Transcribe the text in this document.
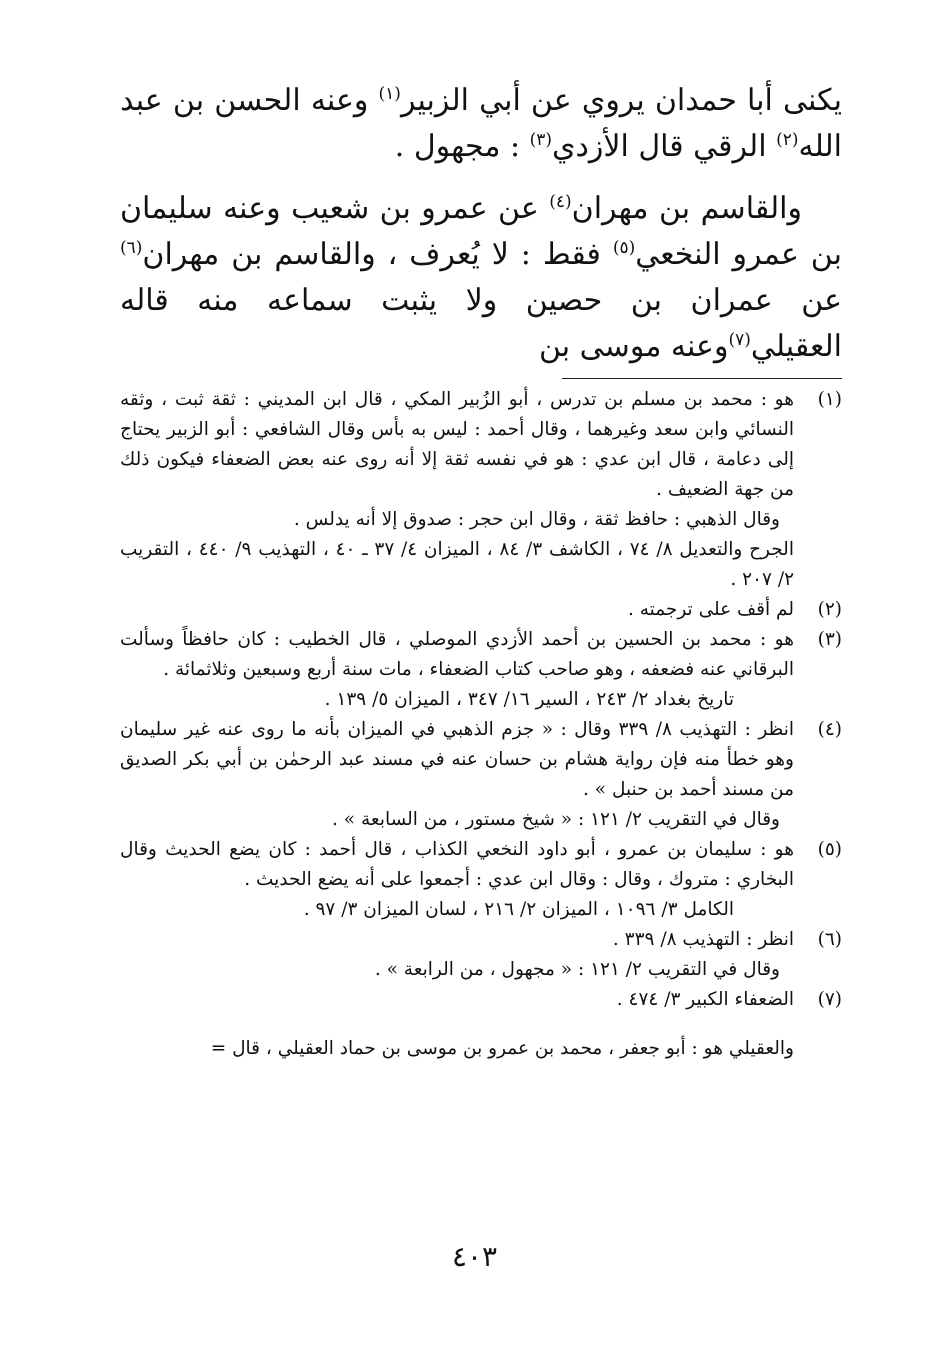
يكنى أبا حمدان يروي عن أبي الزبير$^{(١)}$ وعنه الحسن بن عبد الله$^{(٢)}$ الرقي قال الأزدي$^{(٣)}$ : مجهول .

والقاسم بن مهران$^{(٤)}$ عن عمرو بن شعيب وعنه سليمان بن عمرو النخعي$^{(٥)}$ فقط : لا يُعرف ، والقاسم بن مهران$^{(٦)}$ عن عمران بن حصين ولا يثبت سماعه منه قاله العقيلي$^{(٧)}$وعنه موسى بن

(١)

هو : محمد بن مسلم بن تدرس ، أبو الزُبير المكي ، قال ابن المديني : ثقة ثبت ، وثقه النسائي وابن سعد وغيرهما ، وقال أحمد : ليس به بأس وقال الشافعي : أبو الزبير يحتاج إلى دعامة ، قال ابن عدي : هو في نفسه ثقة إلا أنه روى عنه بعض الضعفاء فيكون ذلك من جهة الضعيف .

وقال الذهبي : حافظ ثقة ، وقال ابن حجر : صدوق إلا أنه يدلس .

الجرح والتعديل ٨/ ٧٤ ، الكاشف ٣/ ٨٤ ، الميزان ٤/ ٣٧ ـ ٤٠ ، التهذيب ٩/ ٤٤٠ ، التقريب ٢/ ٢٠٧ .

(٢)

لم أقف على ترجمته .

(٣)

هو : محمد بن الحسين بن أحمد الأزدي الموصلي ، قال الخطيب : كان حافظاً وسألت البرقاني عنه فضعفه ، وهو صاحب كتاب الضعفاء ، مات سنة أربع وسبعين وثلاثمائة .

تاريخ بغداد ٢/ ٢٤٣ ، السير ١٦/ ٣٤٧ ، الميزان ٥/ ١٣٩ .

(٤)

انظر : التهذيب ٨/ ٣٣٩ وقال : « جزم الذهبي في الميزان بأنه ما روى عنه غير سليمان وهو خطأ منه فإن رواية هشام بن حسان عنه في مسند عبد الرحمٰن بن أبي بكر الصديق من مسند أحمد بن حنبل » .

وقال في التقريب ٢/ ١٢١ : « شيخ مستور ، من السابعة » .

(٥)

هو : سليمان بن عمرو ، أبو داود النخعي الكذاب ، قال أحمد : كان يضع الحديث وقال البخاري : متروك ، وقال : وقال ابن عدي : أجمعوا على أنه يضع الحديث .

الكامل ٣/ ١٠٩٦ ، الميزان ٢/ ٢١٦ ، لسان الميزان ٣/ ٩٧ .

(٦)

انظر : التهذيب ٨/ ٣٣٩ .

وقال في التقريب ٢/ ١٢١ : « مجهول ، من الرابعة » .

(٧)

الضعفاء الكبير ٣/ ٤٧٤ .

والعقيلي هو : أبو جعفر ، محمد بن عمرو بن موسى بن حماد العقيلي ، قال =

٤٠٣
